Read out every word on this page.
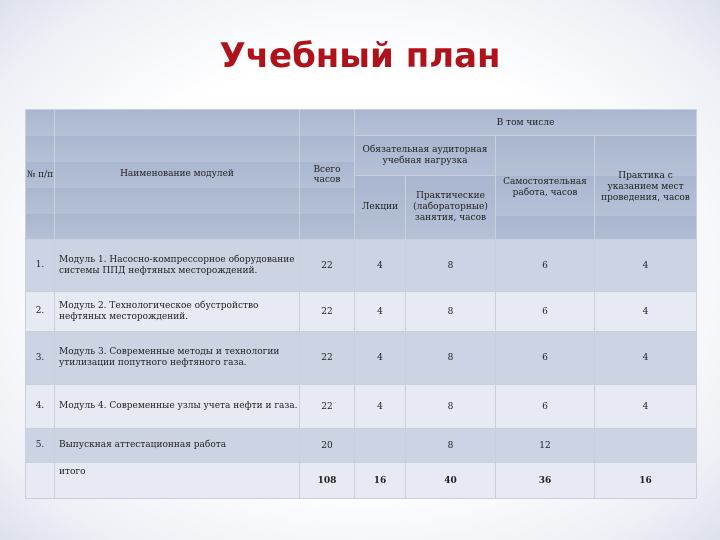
Учебный план
№ п/п	Наименование модулей	Всего часов	В том числе			
			Обязательная аудиторная учебная нагрузка		Самостоятельная работа, часов	Практика с указанием мест проведения, часов
			Лекции	Практические (лабораторные) занятия, часов		
1.	Модуль 1. Насосно-компрессорное оборудование системы ППД нефтяных месторождений.	22	4	8	6	4
2.	Модуль 2. Технологическое обустройство нефтяных месторождений.	22	4	8	6	4
3.	Модуль 3. Современные методы и технологии утилизации попутного нефтяного газа.	22	4	8	6	4
4.	Модуль 4. Современные узлы учета нефти и газа.	22	4	8	6	4
5.	Выпускная аттестационная работа	20		8	12	
	итого	108	16	40	36	16
